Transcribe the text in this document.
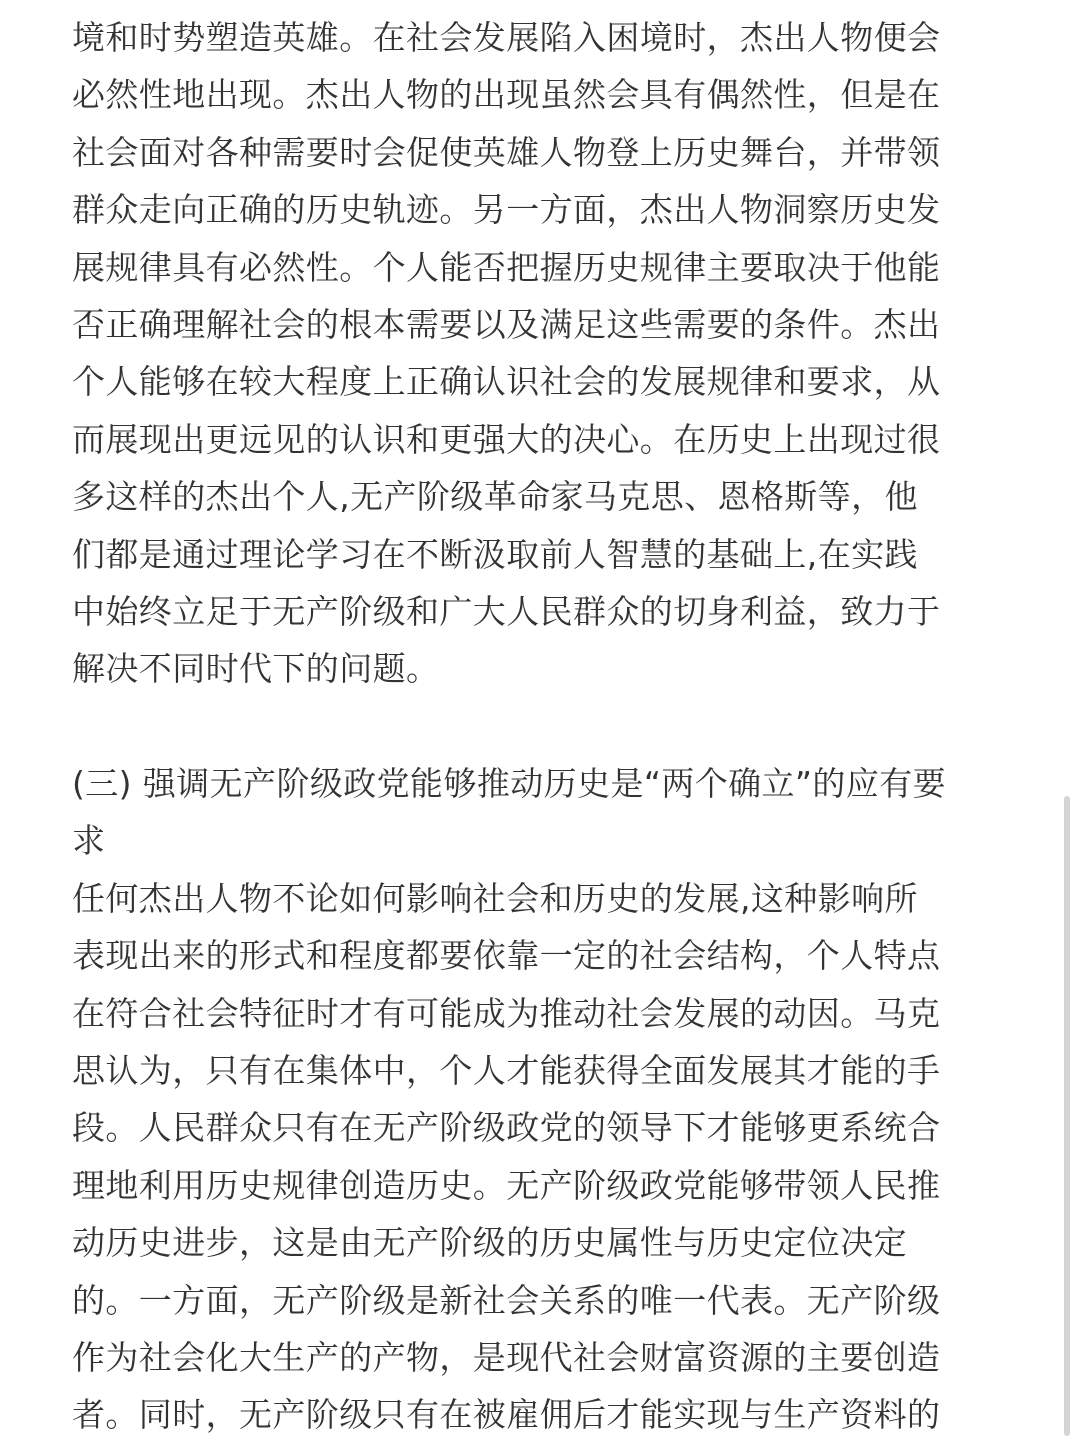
境和时势塑造英雄。在社会发展陷入困境时，杰出人物便会
必然性地出现。杰出人物的出现虽然会具有偶然性，但是在
社会面对各种需要时会促使英雄人物登上历史舞台，并带领
群众走向正确的历史轨迹。另一方面，杰出人物洞察历史发
展规律具有必然性。个人能否把握历史规律主要取决于他能
否正确理解社会的根本需要以及满足这些需要的条件。杰出
个人能够在较大程度上正确认识社会的发展规律和要求，从
而展现出更远见的认识和更强大的决心。在历史上出现过很
多这样的杰出个人,无产阶级革命家马克思、恩格斯等，他
们都是通过理论学习在不断汲取前人智慧的基础上,在实践
中始终立足于无产阶级和广大人民群众的切身利益，致力于
解决不同时代下的问题。
(三) 强调无产阶级政党能够推动历史是“两个确立”的应有要
求
任何杰出人物不论如何影响社会和历史的发展,这种影响所
表现出来的形式和程度都要依靠一定的社会结构，个人特点
在符合社会特征时才有可能成为推动社会发展的动因。马克
思认为，只有在集体中，个人才能获得全面发展其才能的手
段。人民群众只有在无产阶级政党的领导下才能够更系统合
理地利用历史规律创造历史。无产阶级政党能够带领人民推
动历史进步，这是由无产阶级的历史属性与历史定位决定
的。一方面，无产阶级是新社会关系的唯一代表。无产阶级
作为社会化大生产的产物，是现代社会财富资源的主要创造
者。同时，无产阶级只有在被雇佣后才能实现与生产资料的
